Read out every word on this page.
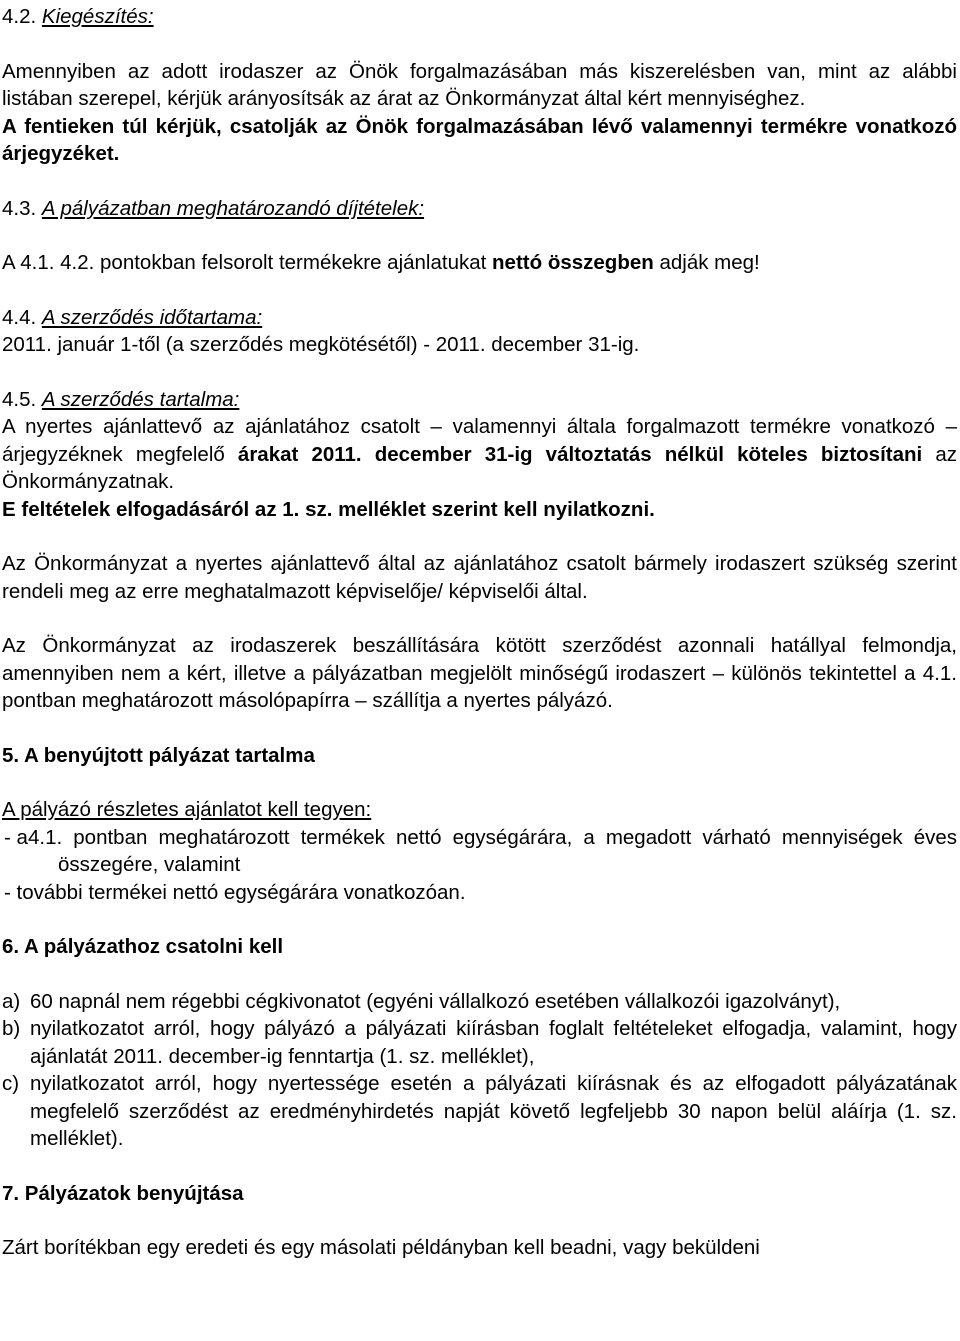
4.2. Kiegészítés:

Amennyiben az adott irodaszer az Önök forgalmazásában más kiszerelésben van, mint az alábbi listában szerepel, kérjük arányosítsák az árat az Önkormányzat által kért mennyiséghez.

A fentieken túl kérjük, csatolják az Önök forgalmazásában lévő valamennyi termékre vonatkozó árjegyzéket.

4.3. A pályázatban meghatározandó díjtételek:

A 4.1. 4.2. pontokban felsorolt termékekre ajánlatukat nettó összegben adják meg!

4.4. A szerződés időtartama:

2011. január 1-től (a szerződés megkötésétől) - 2011. december 31-ig.

4.5. A szerződés tartalma:

A nyertes ajánlattevő az ajánlatához csatolt – valamennyi általa forgalmazott termékre vonatkozó – árjegyzéknek megfelelő árakat 2011. december 31-ig változtatás nélkül köteles biztosítani az Önkormányzatnak.

E feltételek elfogadásáról az 1. sz. melléklet szerint kell nyilatkozni.

Az Önkormányzat a nyertes ajánlattevő által az ajánlatához csatolt bármely irodaszert szükség szerint rendeli meg az erre meghatalmazott képviselője/ képviselői által.

Az Önkormányzat az irodaszerek beszállítására kötött szerződést azonnali hatállyal felmondja, amennyiben nem a kért, illetve a pályázatban megjelölt minőségű irodaszert – különös tekintettel a 4.1. pontban meghatározott másolópapírra – szállítja a nyertes pályázó.

5. A benyújtott pályázat tartalma

A pályázó részletes ajánlatot kell tegyen:

- a 4.1. pontban meghatározott termékek nettó egységárára, a megadott várható mennyiségek éves összegére, valamint

- további termékei nettó egységárára vonatkozóan.

6. A pályázathoz csatolni kell

a) 60 napnál nem régebbi cégkivonatot (egyéni vállalkozó esetében vállalkozói igazolványt),
b) nyilatkozatot arról, hogy pályázó a pályázati kiírásban foglalt feltételeket elfogadja, valamint, hogy ajánlatát 2011. december-ig fenntartja (1. sz. melléklet),
c) nyilatkozatot arról, hogy nyertessége esetén a pályázati kiírásnak és az elfogadott pályázatának megfelelő szerződést az eredményhirdetés napját követő legfeljebb 30 napon belül aláírja (1. sz. melléklet).

7. Pályázatok benyújtása

Zárt borítékban egy eredeti és egy másolati példányban kell beadni, vagy beküldeni
